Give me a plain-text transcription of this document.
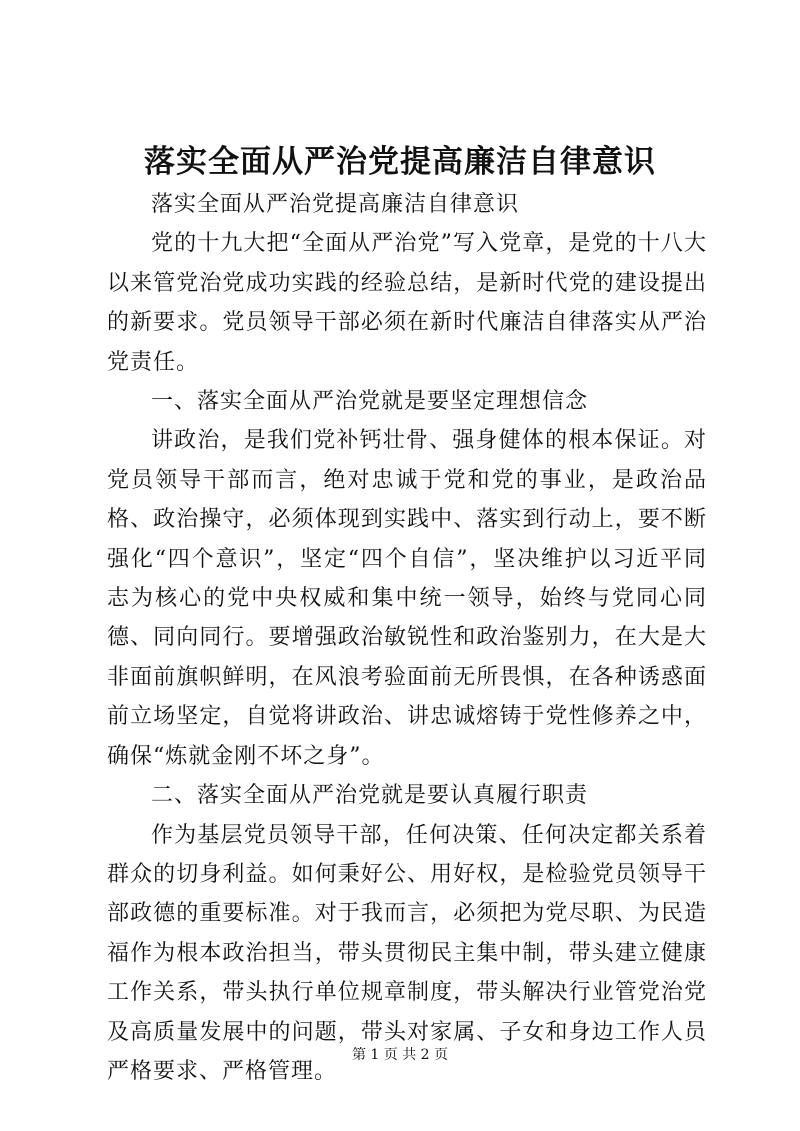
落实全面从严治党提高廉洁自律意识

落实全面从严治党提高廉洁自律意识

党的十九大把“全面从严治党”写入党章，是党的十八大以来管党治党成功实践的经验总结，是新时代党的建设提出的新要求。党员领导干部必须在新时代廉洁自律落实从严治党责任。

一、落实全面从严治党就是要坚定理想信念

讲政治，是我们党补钙壮骨、强身健体的根本保证。对党员领导干部而言，绝对忠诚于党和党的事业，是政治品格、政治操守，必须体现到实践中、落实到行动上，要不断强化“四个意识”，坚定“四个自信”，坚决维护以习近平同志为核心的党中央权威和集中统一领导，始终与党同心同德、同向同行。要增强政治敏锐性和政治鉴别力，在大是大非面前旗帜鲜明，在风浪考验面前无所畏惧，在各种诱惑面前立场坚定，自觉将讲政治、讲忠诚熔铸于党性修养之中，确保“炼就金刚不坏之身”。

二、落实全面从严治党就是要认真履行职责

作为基层党员领导干部，任何决策、任何决定都关系着群众的切身利益。如何秉好公、用好权，是检验党员领导干部政德的重要标准。对于我而言，必须把为党尽职、为民造福作为根本政治担当，带头贯彻民主集中制，带头建立健康工作关系，带头执行单位规章制度，带头解决行业管党治党及高质量发展中的问题，带头对家属、子女和身边工作人员严格要求、严格管理。

第 1 页 共 2 页
